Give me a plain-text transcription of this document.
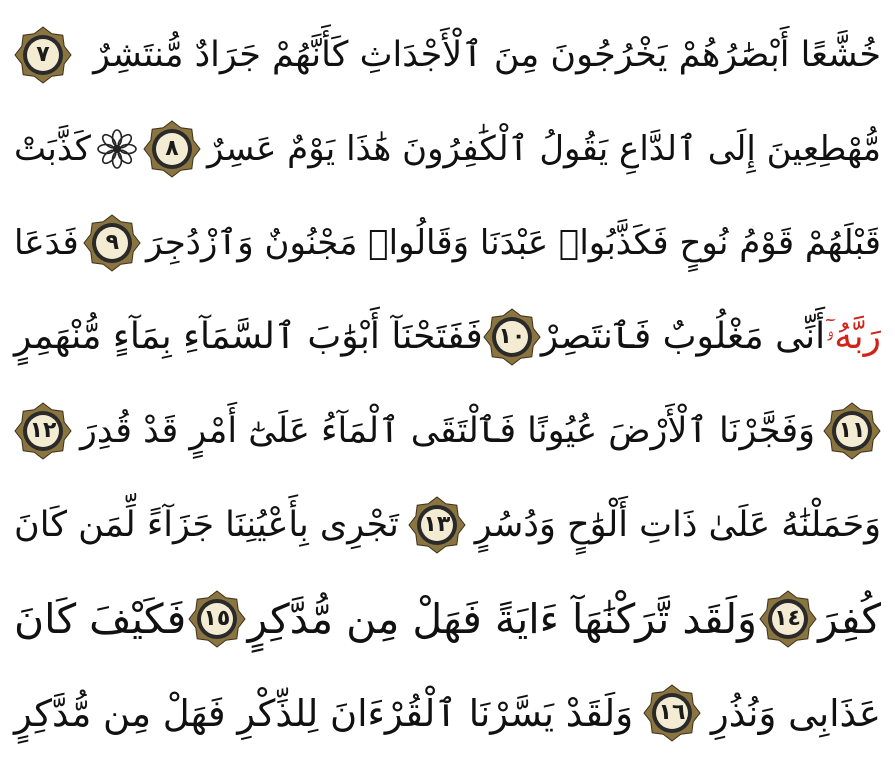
خُشَّعًا أَبْصَٰرُهُمْ يَخْرُجُونَ مِنَ ٱلْأَجْدَاثِ كَأَنَّهُمْ جَرَادٌ مُّنتَشِرٌ
٧
مُّهْطِعِينَ إِلَى ٱلدَّاعِ يَقُولُ ٱلْكَٰفِرُونَ هَٰذَا يَوْمٌ عَسِرٌ
٨
كَذَّبَتْ
قَبْلَهُمْ قَوْمُ نُوحٍ فَكَذَّبُوا۟ عَبْدَنَا وَقَالُوا۟ مَجْنُونٌ وَٱزْدُجِرَ
٩
فَدَعَا
رَبَّهُۥٓ
أَنِّى مَغْلُوبٌ فَٱنتَصِرْ
١٠
فَفَتَحْنَآ أَبْوَٰبَ ٱلسَّمَآءِ بِمَآءٍ مُّنْهَمِرٍ
١١
وَفَجَّرْنَا ٱلْأَرْضَ عُيُونًا فَٱلْتَقَى ٱلْمَآءُ عَلَىٰٓ أَمْرٍ قَدْ قُدِرَ
١٢
وَحَمَلْنَٰهُ عَلَىٰ ذَاتِ أَلْوَٰحٍ وَدُسُرٍ
١٣
تَجْرِى بِأَعْيُنِنَا جَزَآءً لِّمَن كَانَ
كُفِرَ
١٤
وَلَقَد تَّرَكْنَٰهَآ ءَايَةً فَهَلْ مِن مُّدَّكِرٍ
١٥
فَكَيْفَ كَانَ
عَذَابِى وَنُذُرِ
١٦
وَلَقَدْ يَسَّرْنَا ٱلْقُرْءَانَ لِلذِّكْرِ فَهَلْ مِن مُّدَّكِرٍ
